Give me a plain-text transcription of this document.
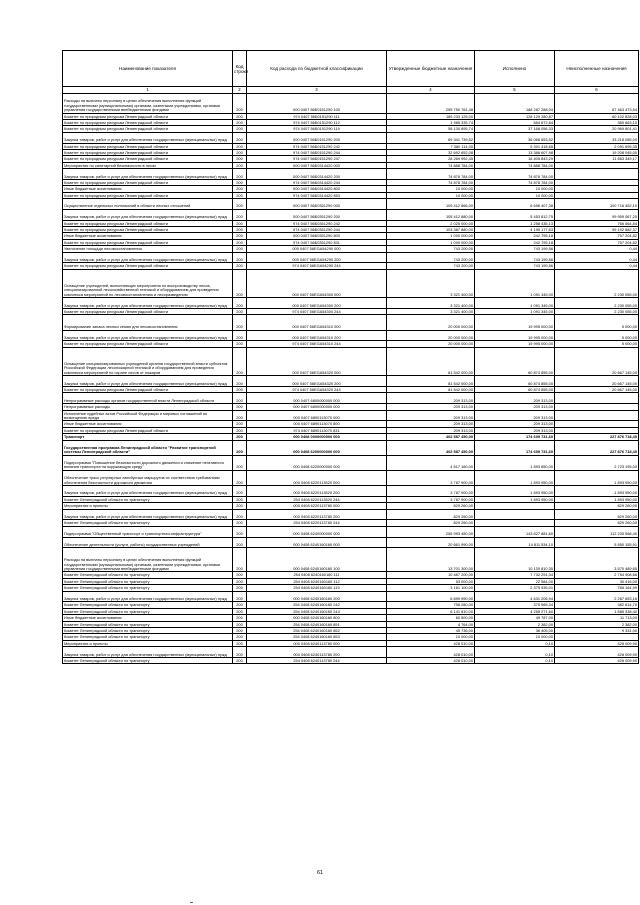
Наименование показателя	Код строки	Код расхода по бюджетной классификации	Утвержденные бюджетные назначения	Исполнено	Неисполненные назначения
1	2	3	4	5	6
Расходы на выплаты персоналу в целях обеспечения выполнения функций государственными (муниципальными) органами, казенными учреждениями, органами управления государственными внебюджетными фондами	200	000 0407 56Б0151290 100	255 750 761,48	188 287 288,04	67 463 473,54
Комитет по природным ресурсам Ленинградской области	200	974 0407 56Б0151290 111	189 233 125,00	128 129 280,87	60 102 828,03
Комитет по природным ресурсам Ленинградской области	200	974 0407 56Б0151290 112	1 985 335,74	584 672,84	380 663,10
Комитет по природным ресурсам Ленинградской области	200	974 0407 56Б0151290 119	58 130 895,74	37 168 056,33	20 969 801,41
Закупка товаров, работ и услуг для обеспечения государственных (муниципальных) нужд	200	000 0407 56Б0151290 200	69 341 739,52	36 068 653,52	33 218 085,00
Комитет по природным ресурсам Ленинградской области	200	974 0407 56Б0151290 242	7 380 114,00	5 301 418,65	2 091 695,35
Комитет по природным ресурсам Ленинградской области	200	974 0407 56Б0151290 244	32 692 652,08	13 386 607,98	19 208 045,00
Комитет по природным ресурсам Ленинградской области	200	974 0407 56Б0151290 247	28 269 992,45	16 405 843,29	11 863 349,17
Мероприятия по санитарной безопасности в лесах	200	000 0407 56Б0314420 000	74 888 784,00	74 888 784,00	
Закупка товаров, работ и услуг для обеспечения государственных (муниципальных) нужд	200	000 0407 56Б0314420 200	74 878 784,00	74 878 784,00	
Комитет по природным ресурсам Ленинградской области	200	974 0407 56Б0314420 244	74 878 784,00	74 878 784,00	
Иные бюджетные ассигнования	200	000 0407 56Б0314420 800	10 000,00	10 000,00	
Комитет по природным ресурсам Ленинградской области	200	974 0407 56Б0314420 853	10 000,00	10 000,00	
Осуществление отдельных полномочий в области лесных отношений	200	000 0407 56Б0351290 000	109 412 866,00	6 696 407,38	100 716 452,10
Закупка товаров, работ и услуг для обеспечения государственных (муниципальных) нужд	200	000 0407 56Б0351290 200	105 412 880,00	5 453 812,75	99 959 067,25
Комитет по природным ресурсам Ленинградской области	200	974 0407 56Б0351290 242	2 025 000,00	1 258 435,13	766 564,84
Комитет по природным ресурсам Ленинградской области	200	974 0407 56Б0351290 244	103 387 880,00	4 195 177,63	99 192 882,37
Иные бюджетные ассигнования	200	000 0407 56Б0351290 800	1 000 000,00	242 795,18	757 204,82
Комитет по природным ресурсам Ленинградской области	200	974 0407 56Б0351290 831	1 000 000,00	242 795,18	757 204,82
Увеличение площади лесовосстановления	200	000 0407 56ЕGA54290 000	743 200,00	743 199,56	0,44
Закупка товаров, работ и услуг для обеспечения государственных (муниципальных) нужд	200	000 0407 56ЕGA54290 200	743 200,00	743 199,56	0,44
Комитет по природным ресурсам Ленинградской области	200	974 0407 56ЕGA54290 244	743 200,00	743 199,56	0,44
Оснащение учреждений, выполняющих мероприятия по воспроизводству лесов, специализированной лесохозяйственной техникой и оборудованием для проведения комплекса мероприятий по лесовосстановлению и лесоразведению	200	000 0407 56ЕGA54300 000	3 321 400,00	1 091 345,00	2 230 055,00
Закупка товаров, работ и услуг для обеспечения государственных (муниципальных) нужд	200	000 0407 56ЕGA54300 200	3 321 400,00	1 091 345,00	2 230 055,00
Комитет по природным ресурсам Ленинградской области	200	974 0407 56ЕGA54300 244	3 321 400,00	1 091 345,00	2 230 055,00
Формирование запаса лесных семян для лесовосстановления	200	000 0407 56ЕGA54310 000	20 000 000,00	19 995 000,00	5 000,00
Закупка товаров, работ и услуг для обеспечения государственных (муниципальных) нужд	200	000 0407 56ЕGA54310 200	20 000 000,00	19 995 000,00	5 000,00
Комитет по природным ресурсам Ленинградской области	200	974 0407 56ЕGA54310 244	20 000 000,00	19 995 000,00	5 000,00
Оснащение специализированных учреждений органов государственной власти субъектов Российской Федерации лесопожарной техникой и оборудованием для проведения комплекса мероприятий по охране лесов от пожаров	200	000 0407 56ЕGA54320 000	81 542 000,00	60 874 855,00	20 667 145,00
Закупка товаров, работ и услуг для обеспечения государственных (муниципальных) нужд	200	000 0407 56ЕGA54320 200	81 542 000,00	60 874 855,00	20 667 145,00
Комитет по природным ресурсам Ленинградской области	200	974 0407 56ЕGA54320 244	81 542 000,00	60 874 855,00	20 667 145,00
Непрограммные расходы органов государственной власти Ленинградской области	200	000 0407 6800000000 000	209 313,00	209 313,00	
Непрограммные расходы	200	000 0407 6890000000 000	209 313,00	209 313,00	
Исполнение судебных актов Российской Федерации и мировых соглашений по возмещению вреда	200	000 0407 6890113070 000	209 313,00	209 313,00	
Иные бюджетные ассигнования	200	000 0407 6890113070 800	209 313,00	209 313,00	
Комитет по природным ресурсам Ленинградской области	200	974 0407 6890113070 831	209 313,00	209 313,00	
Транспорт	200	000 0408 0000000000 000	402 587 450,00	174 609 731,60	227 876 718,40
Государственная программа Ленинградской области "Развитие транспортной системы Ленинградской области"	200	000 0408 6200000000 000	402 587 450,00	174 609 731,60	227 876 718,40
Подпрограмма "Повышение безопасности дорожного движения и снижение негативного влияния транспорта на окружающую среду"	200	000 0408 6220000000 000	4 617 160,00	1 893 850,00	2 723 195,00
Обеспечение трасс регулярных автобусных маршрутов их соответствия требованиям обеспечения безопасности дорожного движения	200	000 0408 6220113520 000	3 787 900,00	1 893 950,00	1 893 950,00
Закупка товаров, работ и услуг для обеспечения государственных (муниципальных) нужд	200	000 0408 6220113520 200	3 787 900,00	1 893 950,00	1 893 950,00
Комитет Ленинградской области по транспорту	200	254 0408 6220113520 244	3 787 900,00	1 893 950,00	1 893 950,00
Мероприятия и проекты	200	000 0408 6220113780 000	829 260,00		829 260,00
Закупка товаров, работ и услуг для обеспечения государственных (муниципальных) нужд	200	000 0408 6220113780 200	829 260,00		829 260,00
Комитет Ленинградской области по транспорту	200	254 0408 6220113780 244	829 260,00		829 260,00
Подпрограмма "Общественный транспорт и транспортная инфраструктура"	200	000 0408 6240000000 000	255 993 450,00	143 827 881,60	112 235 568,40
Обеспечение деятельности (услуги, работы) государственных учреждений	200	000 0408 6240160160 000	20 661 990,00	14 811 534,10	5 850 155,91
Расходы на выплаты персоналу в целях обеспечения выполнения функций государственными (муниципальными) органами, казенными учреждениями, органами управления государственными внебюджетными фондами	200	000 0408 6240160160 100	13 701 300,00	10 130 810,35	3 570 489,65
Комитет Ленинградской области по транспорту	200	254 0408 6240160160 111	10 487 200,00	7 732 291,34	2 754 908,66
Комитет Ленинградской области по транспорту	200	254 0408 6240160160 112	53 000,00	22 584,00	30 416,00
Комитет Ленинградской области по транспорту	200	254 0408 6240160160 119	3 161 100,00	2 375 935,01	785 164,99
Закупка товаров, работ и услуг для обеспечения государственных (муниципальных) нужд	200	000 0408 6240160160 200	6 899 990,00	4 631 206,94	2 267 653,16
Комитет Ленинградской области по транспорту	200	254 0408 6240160160 242	758 280,00	375 565,34	382 614,70
Комитет Ленинградской области по транспорту	200	254 0408 6240160160 244	6 141 810,00	4 255 271,60	1 885 338,40
Иные бюджетные ассигнования	200	000 0408 6240160160 800	60 500,00	49 787,00	11 713,00
Комитет Ленинградской области по транспорту	200	254 0408 6240160160 851	4 764,00	2 382,00	2 382,00
Комитет Ленинградской области по транспорту	200	254 0408 6240160160 852	45 736,00	36 405,00	9 331,00
Комитет Ленинградской области по транспорту	200	254 0408 6240160160 853	10 000,00	10 000,00	
Мероприятия и проекты	200	000 0408 6240113780 000	428 010,00	0,10	428 009,90
Закупка товаров, работ и услуг для обеспечения государственных (муниципальных) нужд	200	000 0408 6240113780 200	428 010,00	0,10	428 009,90
Комитет Ленинградской области по транспорту	200	254 0408 6240113780 244	428 010,00	0,10	428 009,90
61
